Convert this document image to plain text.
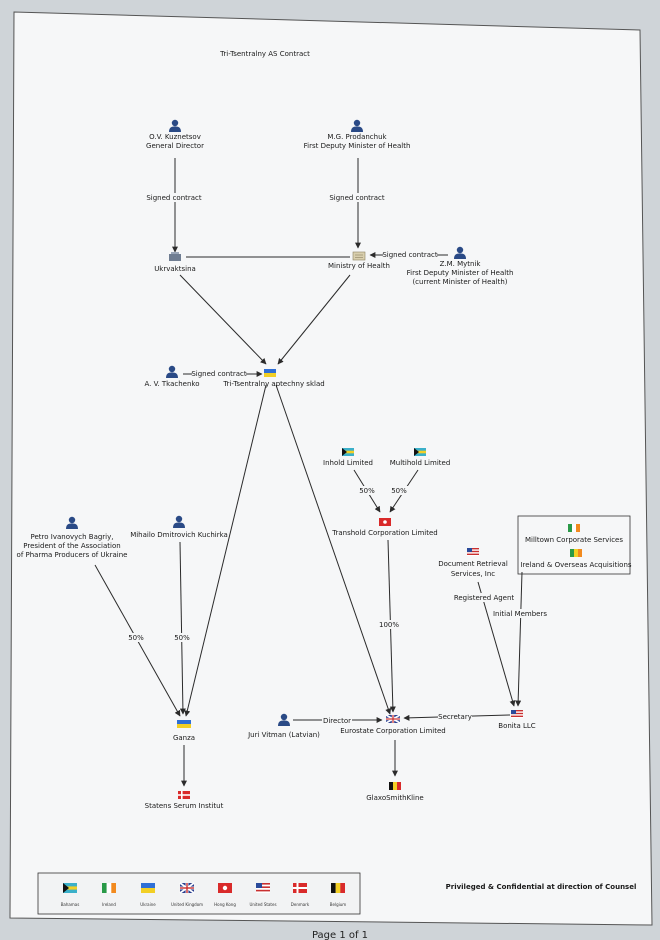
Tri-Tsentralny AS Contract
Signed contract	Signed contract
Signed contract
Signed contract
50% 50%
50%	50%
100%
Registered Agent
Initial Members
Director	Secretary
O.V. Kuznetsov
General Director
M.G. Prodanchuk
First Deputy Minister of Health
Ukrvaktsina	Ministry of Health	Z.M. Mytnik
First Deputy Minister of Health
(current Minister of Health)
A. V. Tkachenko	Tri-Tsentralny aptechny sklad
Inhold Limited Multihold Limited
Transhold Corporation Limited
Petro Ivanovych Bagriy,
President of the Association
of Pharma Producers of Ukraine
Mihailo Dmitrovich Kuchirka
Milltown Corporate Services
Ireland & Overseas Acquisitions
Document Retrieval
Services, Inc
Ganza	Juri Vitman (Latvian)	Eurostate Corporation Limited
Bonita LLC
GlaxoSmithKline
Statens Serum Institut
Bahamas	Ireland	Ukraine	United Kingdom	Hong Kong	United States	Denmark	Belgium
Privileged & Confidential at direction of Counsel
Page 1 of 1
